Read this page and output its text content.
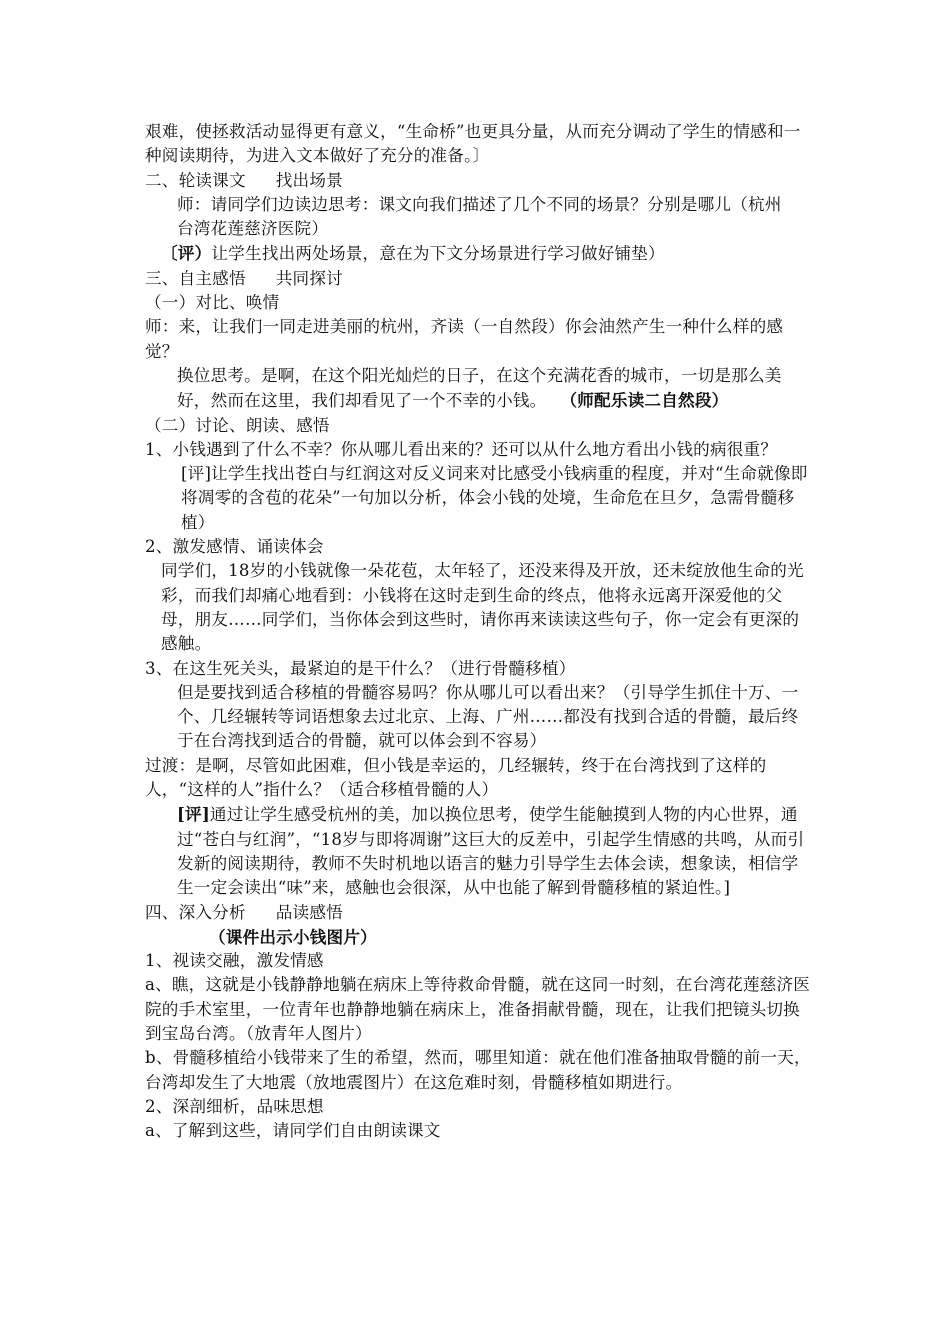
艰难，使拯救活动显得更有意义，“生命桥”也更具分量，从而充分调动了学生的情感和一种阅读期待，为进入文本做好了充分的准备。〕

二、轮读课文 找出场景

师：请同学们边读边思考：课文向我们描述了几个不同的场景？分别是哪儿（杭州　　台湾花莲慈济医院）

〔评）让学生找出两处场景，意在为下文分场景进行学习做好铺垫）

三、自主感悟 共同探讨

（一）对比、唤情

师：来，让我们一同走进美丽的杭州，齐读（一自然段）你会油然产生一种什么样的感觉？

换位思考。是啊，在这个阳光灿烂的日子，在这个充满花香的城市，一切是那么美好，然而在这里，我们却看见了一个不幸的小钱。 （师配乐读二自然段）

（二）讨论、朗读、感悟

1、小钱遇到了什么不幸？你从哪儿看出来的？还可以从什么地方看出小钱的病很重？

[评]让学生找出苍白与红润这对反义词来对比感受小钱病重的程度，并对“生命就像即将凋零的含苞的花朵”一句加以分析，体会小钱的处境，生命危在旦夕，急需骨髓移植）

2、激发感情、诵读体会

同学们，18岁的小钱就像一朵花苞，太年轻了，还没来得及开放，还未绽放他生命的光彩，而我们却痛心地看到：小钱将在这时走到生命的终点，他将永远离开深爱他的父母，朋友……同学们，当你体会到这些时，请你再来读读这些句子，你一定会有更深的感触。

3、在这生死关头，最紧迫的是干什么？（进行骨髓移植）

但是要找到适合移植的骨髓容易吗？你从哪儿可以看出来？（引导学生抓住十万、一个、几经辗转等词语想象去过北京、上海、广州……都没有找到合适的骨髓，最后终于在台湾找到适合的骨髓，就可以体会到不容易）

过渡：是啊，尽管如此困难，但小钱是幸运的，几经辗转，终于在台湾找到了这样的人，“这样的人”指什么？（适合移植骨髓的人）

[评]通过让学生感受杭州的美，加以换位思考，使学生能触摸到人物的内心世界，通过“苍白与红润”，“18岁与即将凋谢”这巨大的反差中，引起学生情感的共鸣，从而引发新的阅读期待，教师不失时机地以语言的魅力引导学生去体会读，想象读，相信学生一定会读出“味”来，感触也会很深，从中也能了解到骨髓移植的紧迫性。]

四、深入分析 品读感悟

（课件出示小钱图片）

1、视读交融，激发情感

a、瞧，这就是小钱静静地躺在病床上等待救命骨髓，就在这同一时刻，在台湾花莲慈济医院的手术室里，一位青年也静静地躺在病床上，准备捐献骨髓，现在，让我们把镜头切换到宝岛台湾。（放青年人图片）

b、骨髓移植给小钱带来了生的希望，然而，哪里知道：就在他们准备抽取骨髓的前一天，台湾却发生了大地震（放地震图片）在这危难时刻，骨髓移植如期进行。

2、深剖细析，品味思想

a、了解到这些，请同学们自由朗读课文
